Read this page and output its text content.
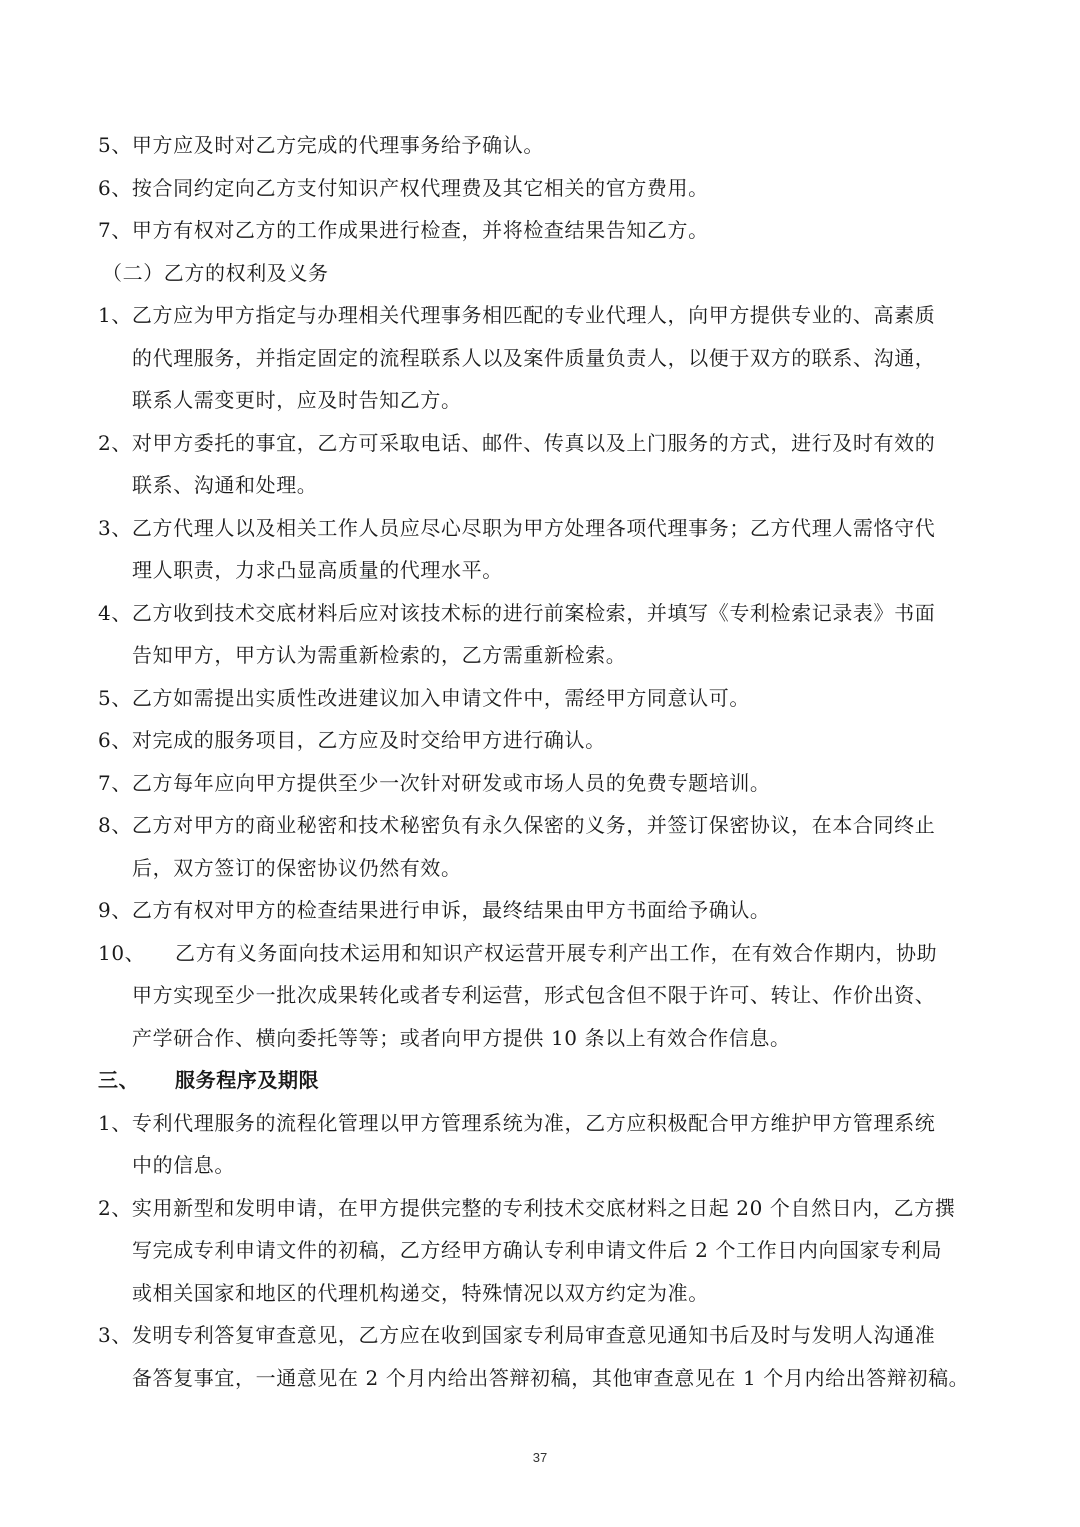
5、甲方应及时对乙方完成的代理事务给予确认。
6、按合同约定向乙方支付知识产权代理费及其它相关的官方费用。
7、甲方有权对乙方的工作成果进行检查，并将检查结果告知乙方。
（二）乙方的权利及义务
1、乙方应为甲方指定与办理相关代理事务相匹配的专业代理人，向甲方提供专业的、高素质
的代理服务，并指定固定的流程联系人以及案件质量负责人，以便于双方的联系、沟通，
联系人需变更时，应及时告知乙方。
2、对甲方委托的事宜，乙方可采取电话、邮件、传真以及上门服务的方式，进行及时有效的
联系、沟通和处理。
3、乙方代理人以及相关工作人员应尽心尽职为甲方处理各项代理事务；乙方代理人需恪守代
理人职责，力求凸显高质量的代理水平。
4、乙方收到技术交底材料后应对该技术标的进行前案检索，并填写《专利检索记录表》书面
告知甲方，甲方认为需重新检索的，乙方需重新检索。
5、乙方如需提出实质性改进建议加入申请文件中，需经甲方同意认可。
6、对完成的服务项目，乙方应及时交给甲方进行确认。
7、乙方每年应向甲方提供至少一次针对研发或市场人员的免费专题培训。
8、乙方对甲方的商业秘密和技术秘密负有永久保密的义务，并签订保密协议，在本合同终止
后，双方签订的保密协议仍然有效。
9、乙方有权对甲方的检查结果进行申诉，最终结果由甲方书面给予确认。
10、 乙方有义务面向技术运用和知识产权运营开展专利产出工作，在有效合作期内，协助
甲方实现至少一批次成果转化或者专利运营，形式包含但不限于许可、转让、作价出资、
产学研合作、横向委托等等；或者向甲方提供 10 条以上有效合作信息。
三、 服务程序及期限
1、专利代理服务的流程化管理以甲方管理系统为准，乙方应积极配合甲方维护甲方管理系统
中的信息。
2、实用新型和发明申请，在甲方提供完整的专利技术交底材料之日起 20 个自然日内，乙方撰
写完成专利申请文件的初稿，乙方经甲方确认专利申请文件后 2 个工作日内向国家专利局
或相关国家和地区的代理机构递交，特殊情况以双方约定为准。
3、发明专利答复审查意见，乙方应在收到国家专利局审查意见通知书后及时与发明人沟通准
备答复事宜，一通意见在 2 个月内给出答辩初稿，其他审查意见在 1 个月内给出答辩初稿。
37
